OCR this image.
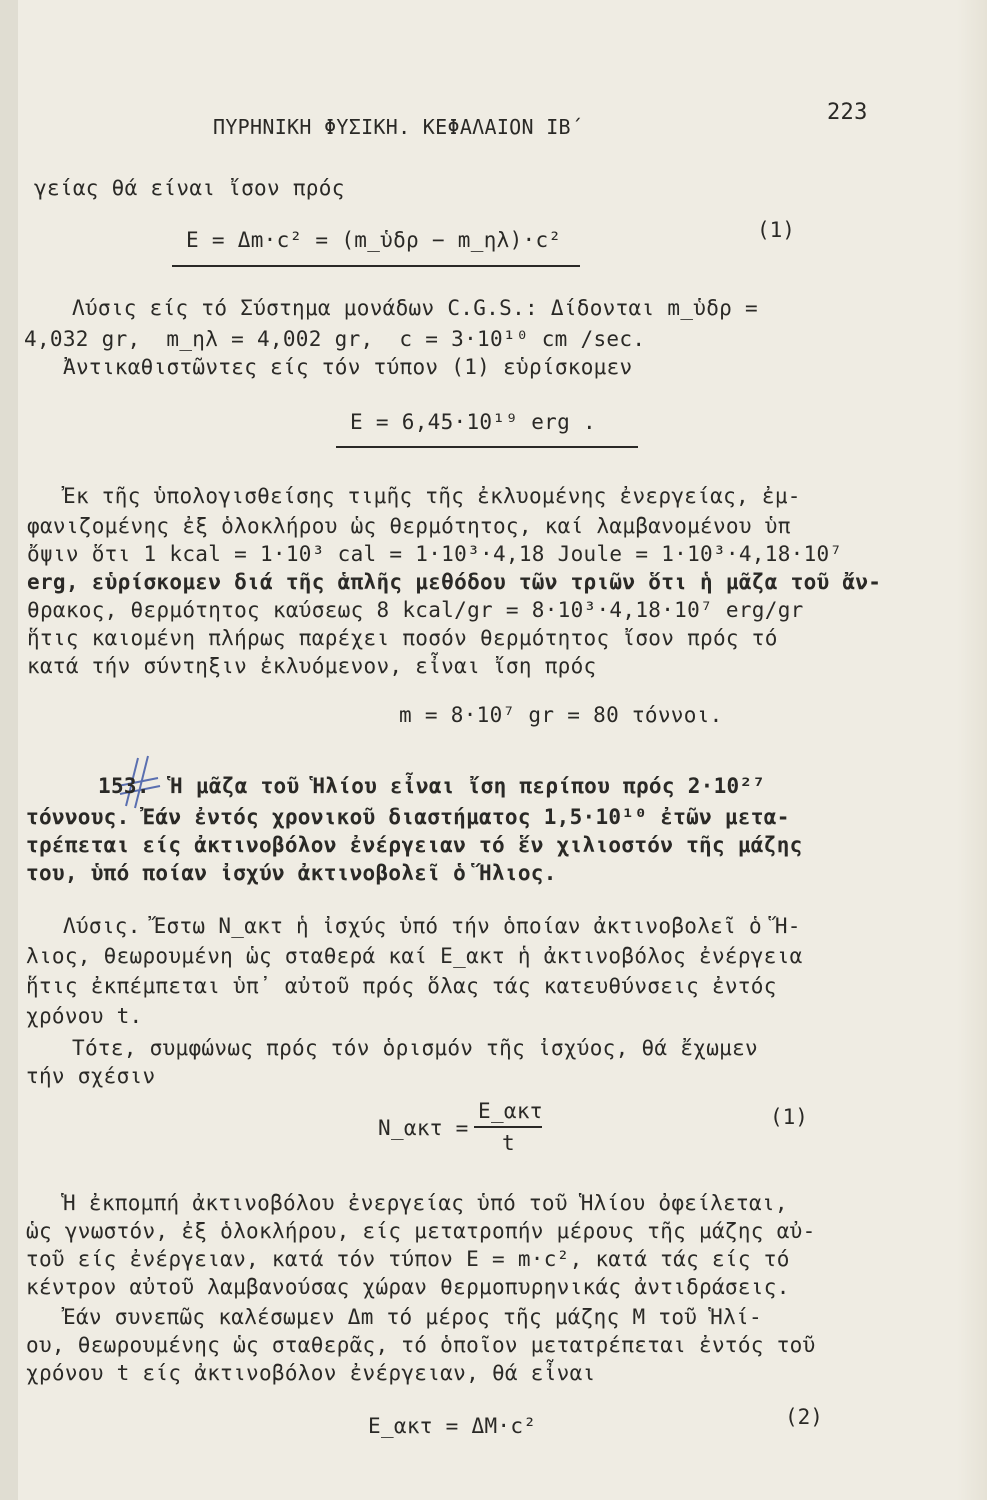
ΠΥΡΗΝΙΚΗ ΦΥΣΙΚΗ. ΚΕΦΑΛΑΙΟΝ ΙΒ΄
223
γείας θά είναι ἴσον πρός
E = Δm·c² = (m_ὑδρ − m_ηλ)·c²	(1)
Λύσις είς τό Σύστημα μονάδων C.G.S.: Δίδονται m_ὑδρ =
4,032 gr,  m_ηλ = 4,002 gr,  c = 3·10¹⁰ cm /sec.
Ἀντικαθιστῶντες είς τόν τύπον (1) εὑρίσκομεν
E = 6,45·10¹⁹ erg .
Ἐκ τῆς ὑπολογισθείσης τιμῆς τῆς ἐκλυομένης ἐνεργείας, ἐμ-
φανιζομένης ἐξ ὁλοκλήρου ὡς θερμότητος, καί λαμβανομένου ὑπ
ὄψιν ὅτι 1 kcal = 1·10³ cal = 1·10³·4,18 Joule = 1·10³·4,18·10⁷
erg, εὑρίσκομεν διά τῆς ἁπλῆς μεθόδου τῶν τριῶν ὅτι ἡ μᾶζα τοῦ ἄν-
θρακος, θερμότητος καύσεως 8 kcal/gr = 8·10³·4,18·10⁷ erg/gr
ἥτις καιομένη πλήρως παρέχει ποσόν θερμότητος ἴσον πρός τό
κατά τήν σύντηξιν ἐκλυόμενον, εἶναι ἴση πρός
m = 8·10⁷ gr = 80 τόννοι.
153. Ἡ μᾶζα τοῦ Ἡλίου εἶναι ἴση περίπου πρός 2·10²⁷
τόννους. Ἐάν ἐντός χρονικοῦ διαστήματος 1,5·10¹⁰ ἐτῶν μετα-
τρέπεται είς ἀκτινοβόλον ἐνέργειαν τό ἕν χιλιοστόν τῆς μάζης
του, ὑπό ποίαν ἰσχύν ἀκτινοβολεῖ ὁ Ἥλιος.
Λύσις. Ἔστω N_ακτ ἡ ἰσχύς ὑπό τήν ὁποίαν ἀκτινοβολεῖ ὁ Ἥ-
λιος, θεωρουμένη ὡς σταθερά καί E_ακτ ἡ ἀκτινοβόλος ἐνέργεια
ἥτις ἐκπέμπεται ὑπ᾽ αὐτοῦ πρός ὅλας τάς κατευθύνσεις ἐντός
χρόνου t.
Τότε, συμφώνως πρός τόν ὁρισμόν τῆς ἰσχύος, θά ἔχωμεν
τήν σχέσιν
N_ακτ =
E_ακτ
t
(1)
Ἡ ἐκπομπή ἀκτινοβόλου ἐνεργείας ὑπό τοῦ Ἡλίου ὀφείλεται,
ὡς γνωστόν, ἐξ ὁλοκλήρου, είς μετατροπήν μέρους τῆς μάζης αὐ-
τοῦ είς ἐνέργειαν, κατά τόν τύπον E = m·c², κατά τάς είς τό
κέντρον αὐτοῦ λαμβανούσας χώραν θερμοπυρηνικάς ἀντιδράσεις.
Ἐάν συνεπῶς καλέσωμεν Δm τό μέρος τῆς μάζης M τοῦ Ἡλί-
ου, θεωρουμένης ὡς σταθερᾶς, τό ὁποῖον μετατρέπεται ἐντός τοῦ
χρόνου t είς ἀκτινοβόλον ἐνέργειαν, θά εἶναι
E_ακτ = ΔM·c²	(2)
